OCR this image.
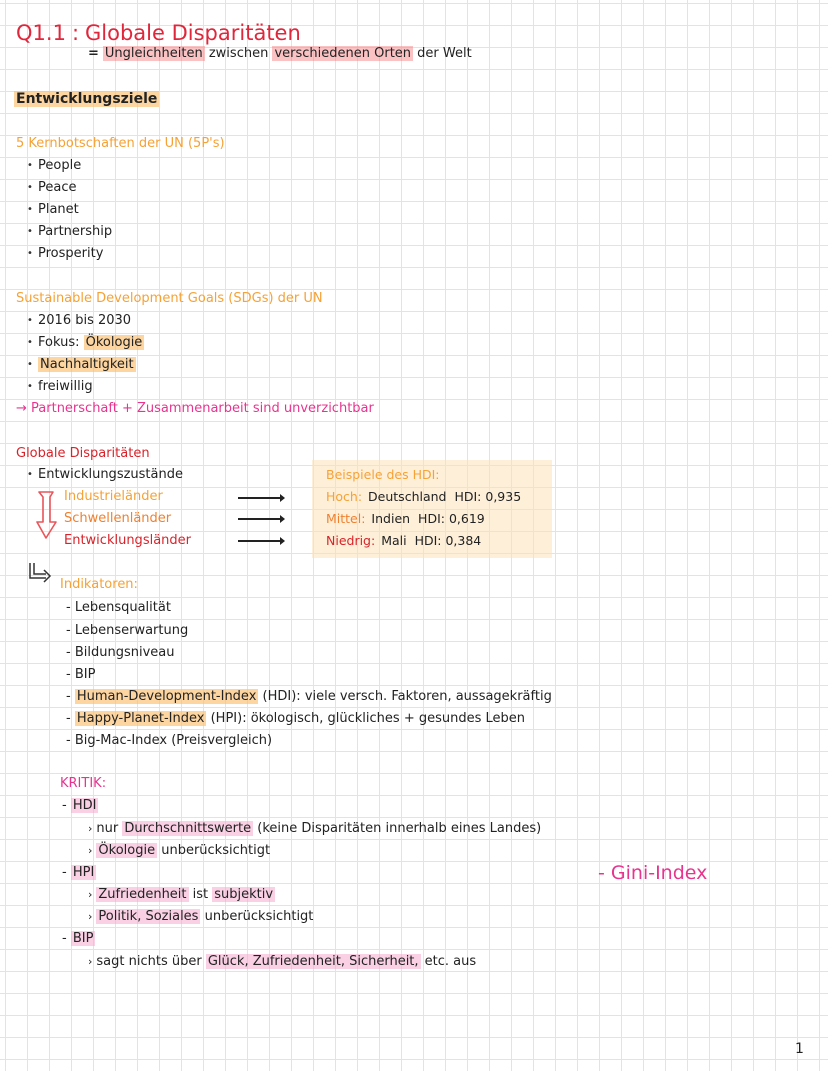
Q1.1 : Globale Disparitäten
= Ungleichheiten zwischen verschiedenen Orten der Welt
Entwicklungsziele
5 Kernbotschaften der UN (5P's)
• People
• Peace
• Planet
• Partnership
• Prosperity
Sustainable Development Goals (SDGs) der UN
• 2016 bis 2030
• Fokus: Ökologie
• Nachhaltigkeit
• freiwillig
→ Partnerschaft + Zusammenarbeit sind unverzichtbar
Globale Disparitäten
• Entwicklungszustände
Industrieländer
Schwellenländer
Entwicklungsländer
Beispiele des HDI:
Hoch: Deutschland HDI: 0,935
Mittel: Indien HDI: 0,619
Niedrig: Mali HDI: 0,384
Indikatoren:
- Lebensqualität
- Lebenserwartung
- Bildungsniveau
- BIP
- Human-Development-Index (HDI): viele versch. Faktoren, aussagekräftig
- Happy-Planet-Index (HPI): ökologisch, glückliches + gesundes Leben
- Big-Mac-Index (Preisvergleich)
KRITIK:
- HDI
› nur Durchschnittswerte (keine Disparitäten innerhalb eines Landes)
› Ökologie unberücksichtigt
- HPI
› Zufriedenheit ist subjektiv
› Politik, Soziales unberücksichtigt
- BIP
› sagt nichts über Glück, Zufriedenheit, Sicherheit, etc. aus
- Gini-Index
1
